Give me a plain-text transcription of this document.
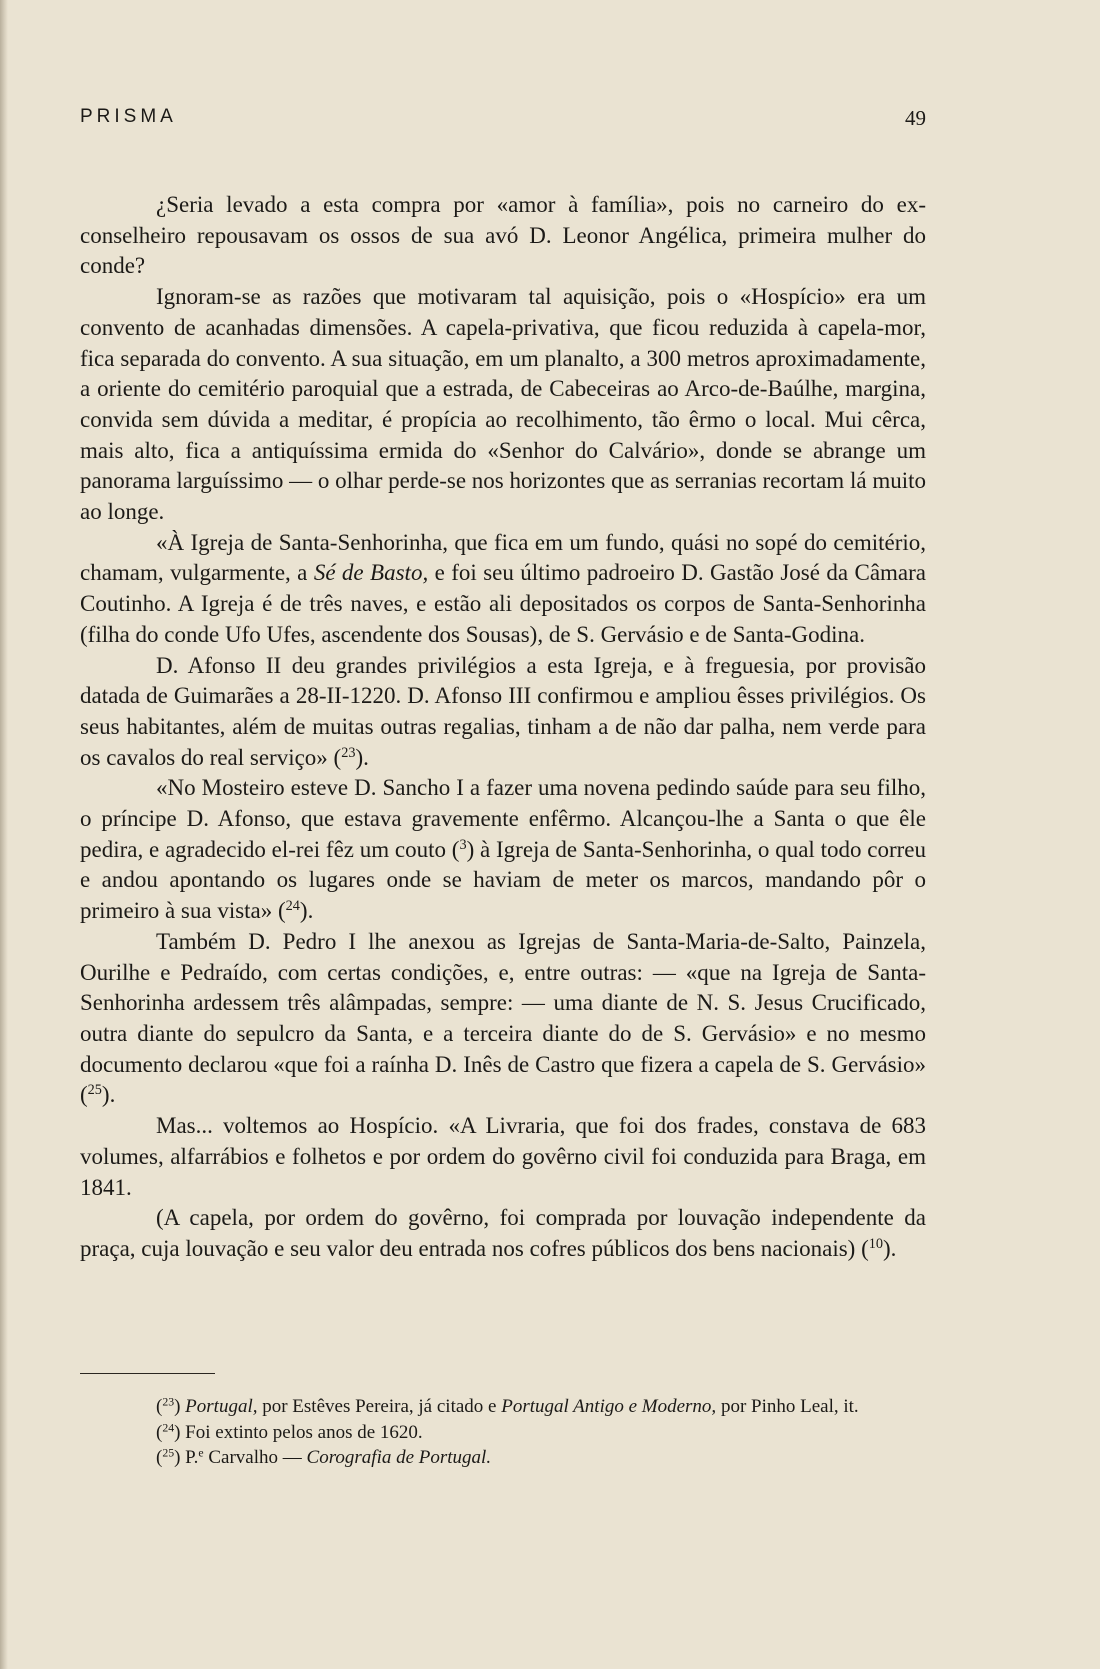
PRISMA	49

¿Seria levado a esta compra por «amor à família», pois no carneiro do ex-conselheiro repousavam os ossos de sua avó D. Leonor Angélica, primeira mulher do conde?

Ignoram-se as razões que motivaram tal aquisição, pois o «Hospício» era um convento de acanhadas dimensões. A capela-privativa, que ficou reduzida à capela-mor, fica separada do convento. A sua situação, em um planalto, a 300 metros aproximadamente, a oriente do cemitério paroquial que a estrada, de Cabeceiras ao Arco-de-Baúlhe, margina, convida sem dúvida a meditar, é propícia ao recolhimento, tão êrmo o local. Mui cêrca, mais alto, fica a antiquíssima ermida do «Senhor do Calvário», donde se abrange um panorama larguíssimo — o olhar perde-se nos horizontes que as serranias recortam lá muito ao longe.

«À Igreja de Santa-Senhorinha, que fica em um fundo, quási no sopé do cemitério, chamam, vulgarmente, a Sé de Basto, e foi seu último padroeiro D. Gastão José da Câmara Coutinho. A Igreja é de três naves, e estão ali depositados os corpos de Santa-Senhorinha (filha do conde Ufo Ufes, ascendente dos Sousas), de S. Gervásio e de Santa-Godina.

D. Afonso II deu grandes privilégios a esta Igreja, e à freguesia, por provisão datada de Guimarães a 28-II-1220. D. Afonso III confirmou e ampliou êsses privilégios. Os seus habitantes, além de muitas outras regalias, tinham a de não dar palha, nem verde para os cavalos do real serviço» ($^{23}$).

«No Mosteiro esteve D. Sancho I a fazer uma novena pedindo saúde para seu filho, o príncipe D. Afonso, que estava gravemente enfêrmo. Alcançou-lhe a Santa o que êle pedira, e agradecido el-rei fêz um couto ($^3$) à Igreja de Santa-Senhorinha, o qual todo correu e andou apontando os lugares onde se haviam de meter os marcos, mandando pôr o primeiro à sua vista» ($^{24}$).

Também D. Pedro I lhe anexou as Igrejas de Santa-Maria-de-Salto, Painzela, Ourilhe e Pedraído, com certas condições, e, entre outras: — «que na Igreja de Santa-Senhorinha ardessem três alâmpadas, sempre: — uma diante de N. S. Jesus Crucificado, outra diante do sepulcro da Santa, e a terceira diante do de S. Gervásio» e no mesmo documento declarou «que foi a raínha D. Inês de Castro que fizera a capela de S. Gervásio» ($^{25}$).

Mas... voltemos ao Hospício. «A Livraria, que foi dos frades, constava de 683 volumes, alfarrábios e folhetos e por ordem do govêrno civil foi conduzida para Braga, em 1841.

(A capela, por ordem do govêrno, foi comprada por louvação independente da praça, cuja louvação e seu valor deu entrada nos cofres públicos dos bens nacionais) ($^{10}$).

($^{23}$) Portugal, por Estêves Pereira, já citado e Portugal Antigo e Moderno, por Pinho Leal, it.

($^{24}$) Foi extinto pelos anos de 1620.

($^{25}$) P.$^e$ Carvalho — Corografia de Portugal.
